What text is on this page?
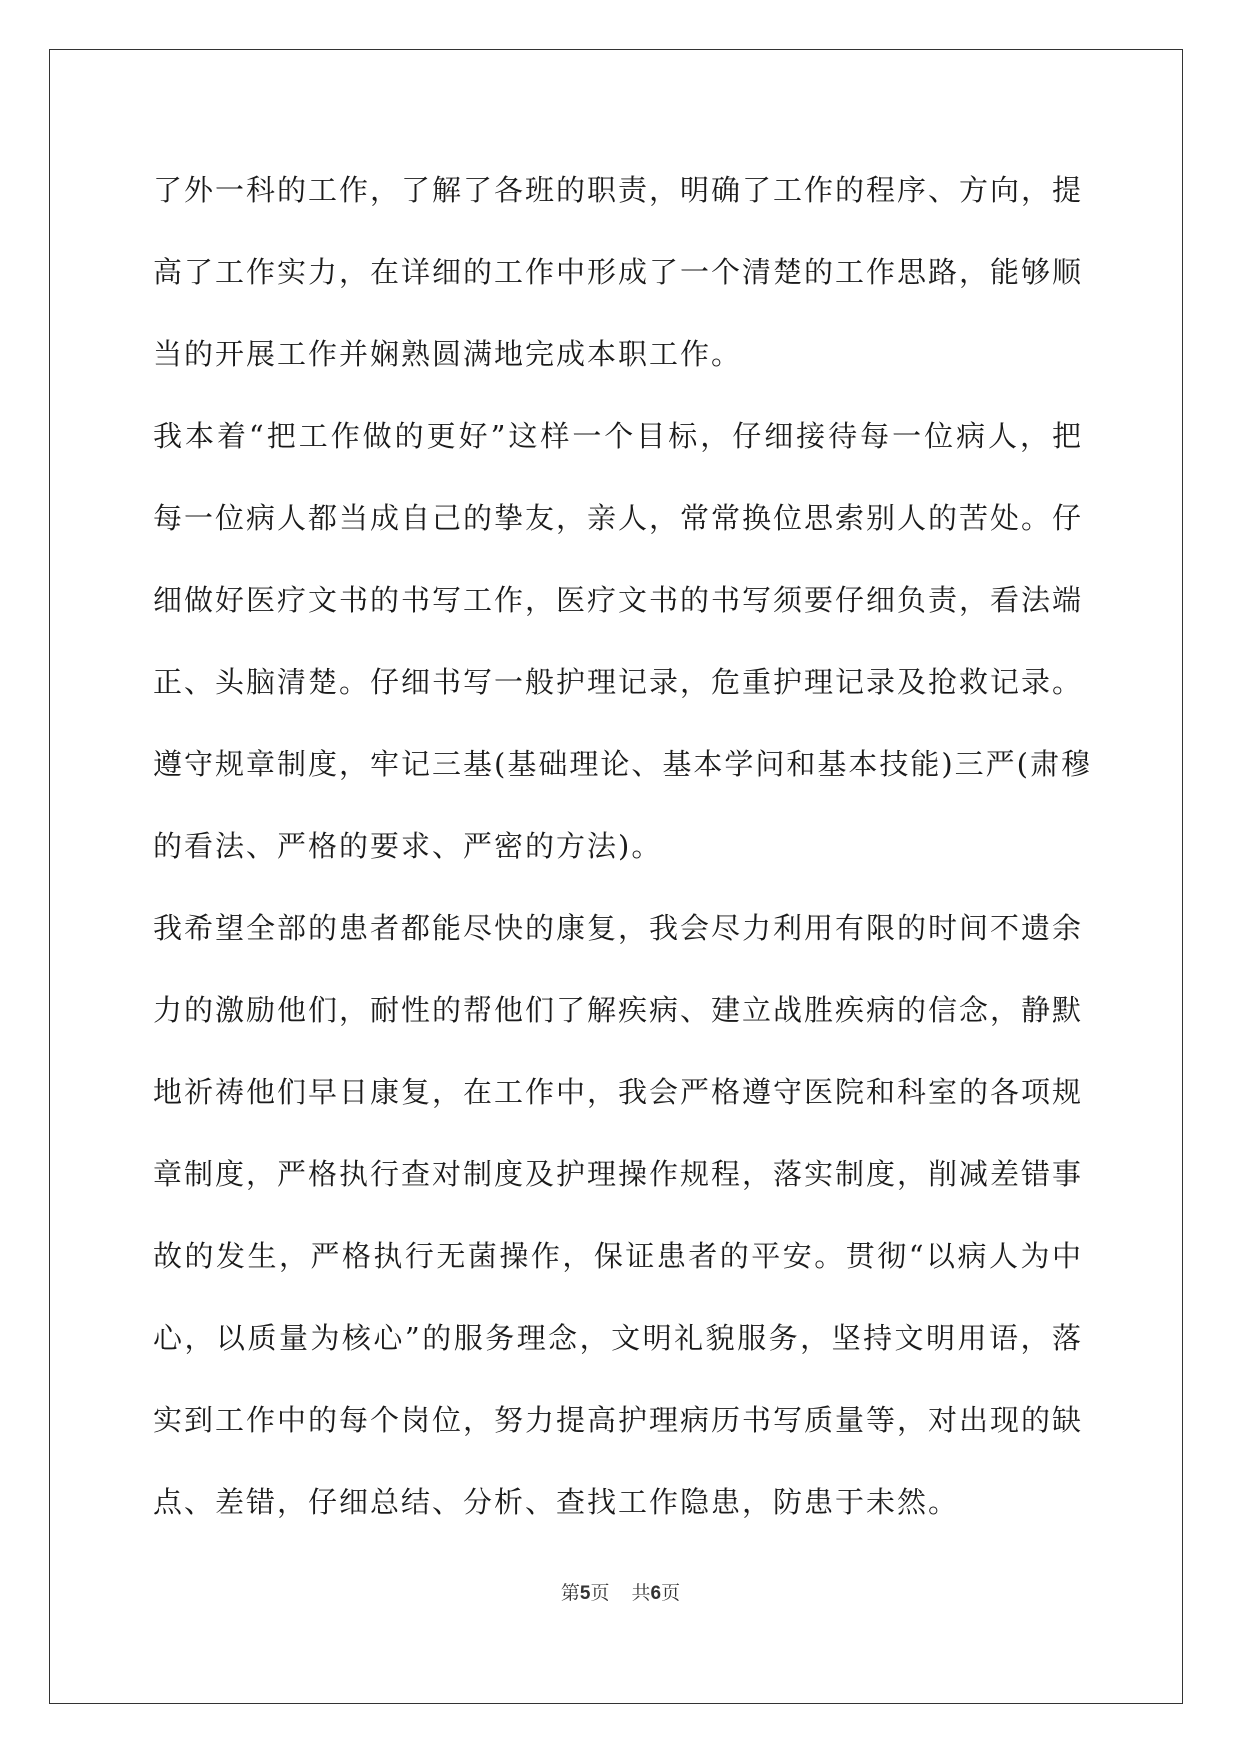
了外一科的工作，了解了各班的职责，明确了工作的程序、方向，提
高了工作实力，在详细的工作中形成了一个清楚的工作思路，能够顺
当的开展工作并娴熟圆满地完成本职工作。
我本着“把工作做的更好”这样一个目标，仔细接待每一位病人，把
每一位病人都当成自己的挚友，亲人，常常换位思索别人的苦处。仔
细做好医疗文书的书写工作，医疗文书的书写须要仔细负责，看法端
正、头脑清楚。仔细书写一般护理记录，危重护理记录及抢救记录。
遵守规章制度，牢记三基(基础理论、基本学问和基本技能)三严(肃穆
的看法、严格的要求、严密的方法)。
我希望全部的患者都能尽快的康复，我会尽力利用有限的时间不遗余
力的激励他们，耐性的帮他们了解疾病、建立战胜疾病的信念，静默
地祈祷他们早日康复，在工作中，我会严格遵守医院和科室的各项规
章制度，严格执行查对制度及护理操作规程，落实制度，削减差错事
故的发生，严格执行无菌操作，保证患者的平安。贯彻“以病人为中
心，以质量为核心”的服务理念，文明礼貌服务，坚持文明用语，落
实到工作中的每个岗位，努力提高护理病历书写质量等，对出现的缺
点、差错，仔细总结、分析、查找工作隐患，防患于未然。
第5页 共6页
